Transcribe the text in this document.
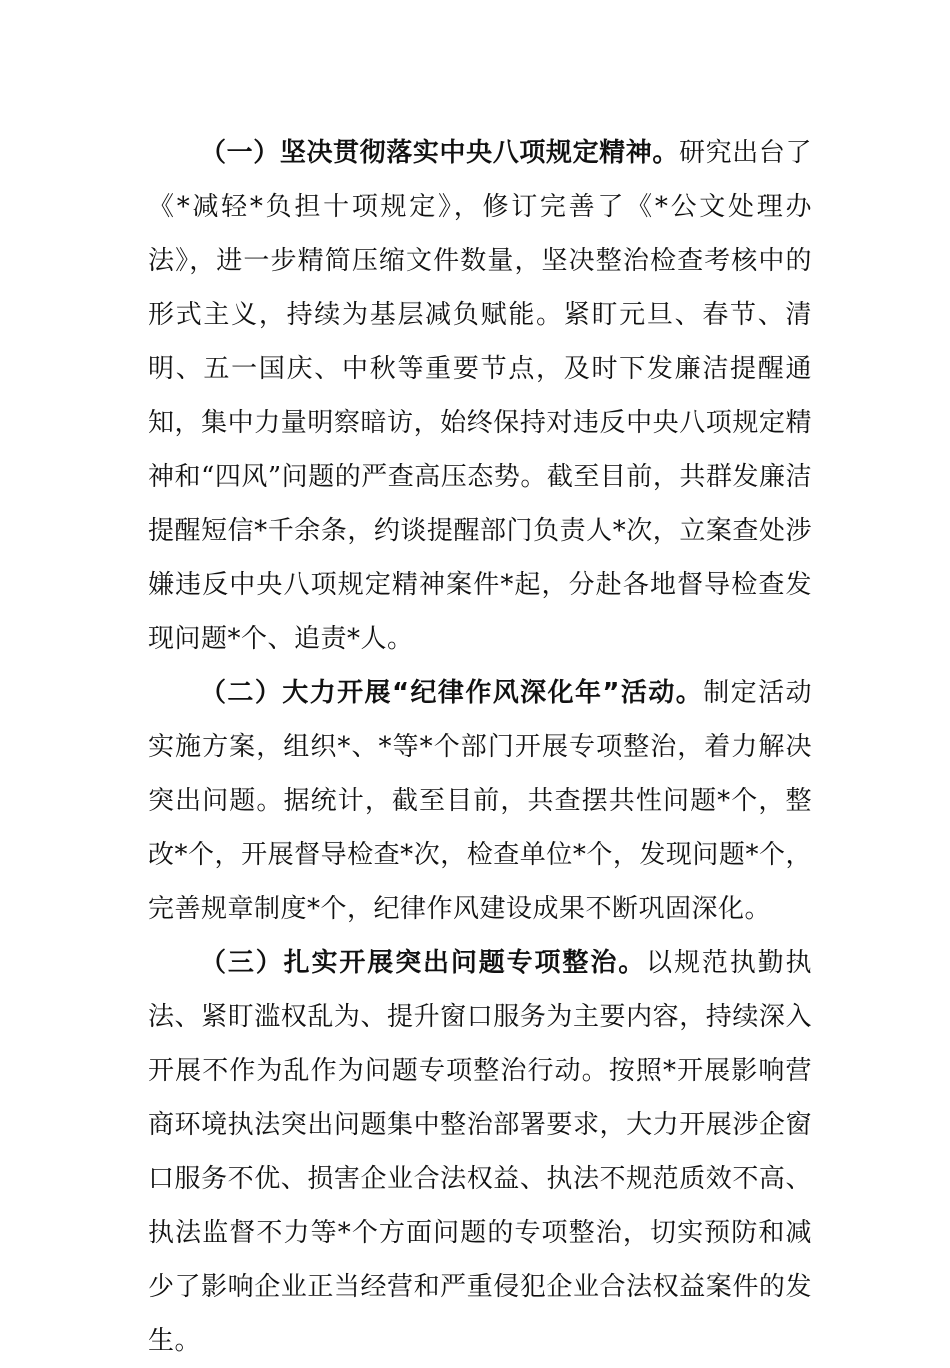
（一）坚决贯彻落实中央八项规定精神。研究出台了《*减轻*负担十项规定》，修订完善了《*公文处理办法》，进一步精简压缩文件数量，坚决整治检查考核中的形式主义，持续为基层减负赋能。紧盯元旦、春节、清明、五一国庆、中秋等重要节点，及时下发廉洁提醒通知，集中力量明察暗访，始终保持对违反中央八项规定精神和“四风”问题的严查高压态势。截至目前，共群发廉洁提醒短信*千余条，约谈提醒部门负责人*次，立案查处涉嫌违反中央八项规定精神案件*起，分赴各地督导检查发现问题*个、追责*人。

（二）大力开展“纪律作风深化年”活动。制定活动实施方案，组织*、*等*个部门开展专项整治，着力解决突出问题。据统计，截至目前，共查摆共性问题*个，整改*个，开展督导检查*次，检查单位*个，发现问题*个，完善规章制度*个，纪律作风建设成果不断巩固深化。

（三）扎实开展突出问题专项整治。以规范执勤执法、紧盯滥权乱为、提升窗口服务为主要内容，持续深入开展不作为乱作为问题专项整治行动。按照*开展影响营商环境执法突出问题集中整治部署要求，大力开展涉企窗口服务不优、损害企业合法权益、执法不规范质效不高、执法监督不力等*个方面问题的专项整治，切实预防和减少了影响企业正当经营和严重侵犯企业合法权益案件的发生。
